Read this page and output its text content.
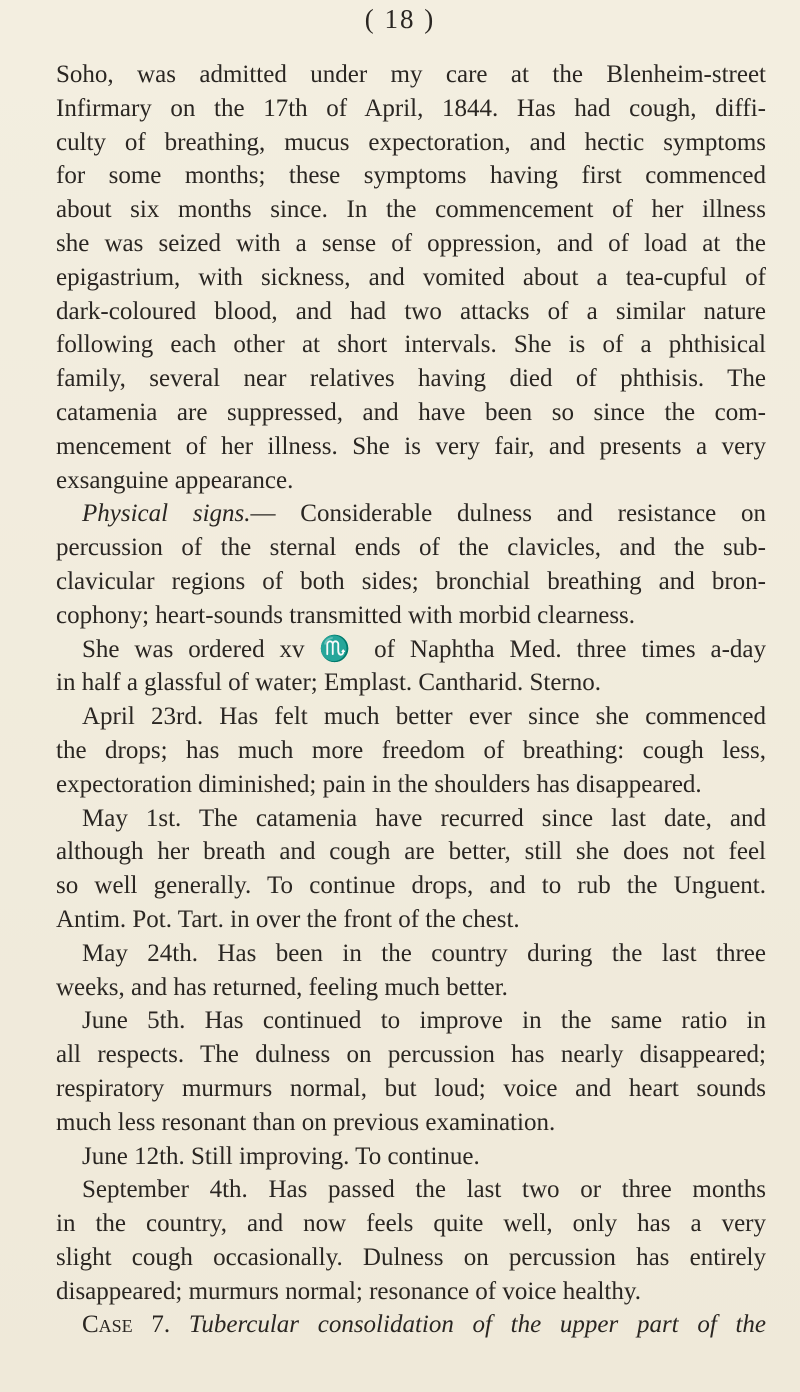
( 18 )
Soho, was admitted under my care at the Blenheim-street
Infirmary on the 17th of April, 1844. Has had cough, diffi-
culty of breathing, mucus expectoration, and hectic symptoms
for some months; these symptoms having first commenced
about six months since. In the commencement of her illness
she was seized with a sense of oppression, and of load at the
epigastrium, with sickness, and vomited about a tea-cupful of
dark-coloured blood, and had two attacks of a similar nature
following each other at short intervals. She is of a phthisical
family, several near relatives having died of phthisis. The
catamenia are suppressed, and have been so since the com-
mencement of her illness. She is very fair, and presents a very
exsanguine appearance.
Physical signs.— Considerable dulness and resistance on
percussion of the sternal ends of the clavicles, and the sub-
clavicular regions of both sides; bronchial breathing and bron-
cophony; heart-sounds transmitted with morbid clearness.
She was ordered xv ♏ of Naphtha Med. three times a-day
in half a glassful of water; Emplast. Cantharid. Sterno.
April 23rd. Has felt much better ever since she commenced
the drops; has much more freedom of breathing: cough less,
expectoration diminished; pain in the shoulders has disappeared.
May 1st. The catamenia have recurred since last date, and
although her breath and cough are better, still she does not feel
so well generally. To continue drops, and to rub the Unguent.
Antim. Pot. Tart. in over the front of the chest.
May 24th. Has been in the country during the last three
weeks, and has returned, feeling much better.
June 5th. Has continued to improve in the same ratio in
all respects. The dulness on percussion has nearly disappeared;
respiratory murmurs normal, but loud; voice and heart sounds
much less resonant than on previous examination.
June 12th. Still improving. To continue.
September 4th. Has passed the last two or three months
in the country, and now feels quite well, only has a very
slight cough occasionally. Dulness on percussion has entirely
disappeared; murmurs normal; resonance of voice healthy.
Case 7. Tubercular consolidation of the upper part of the
